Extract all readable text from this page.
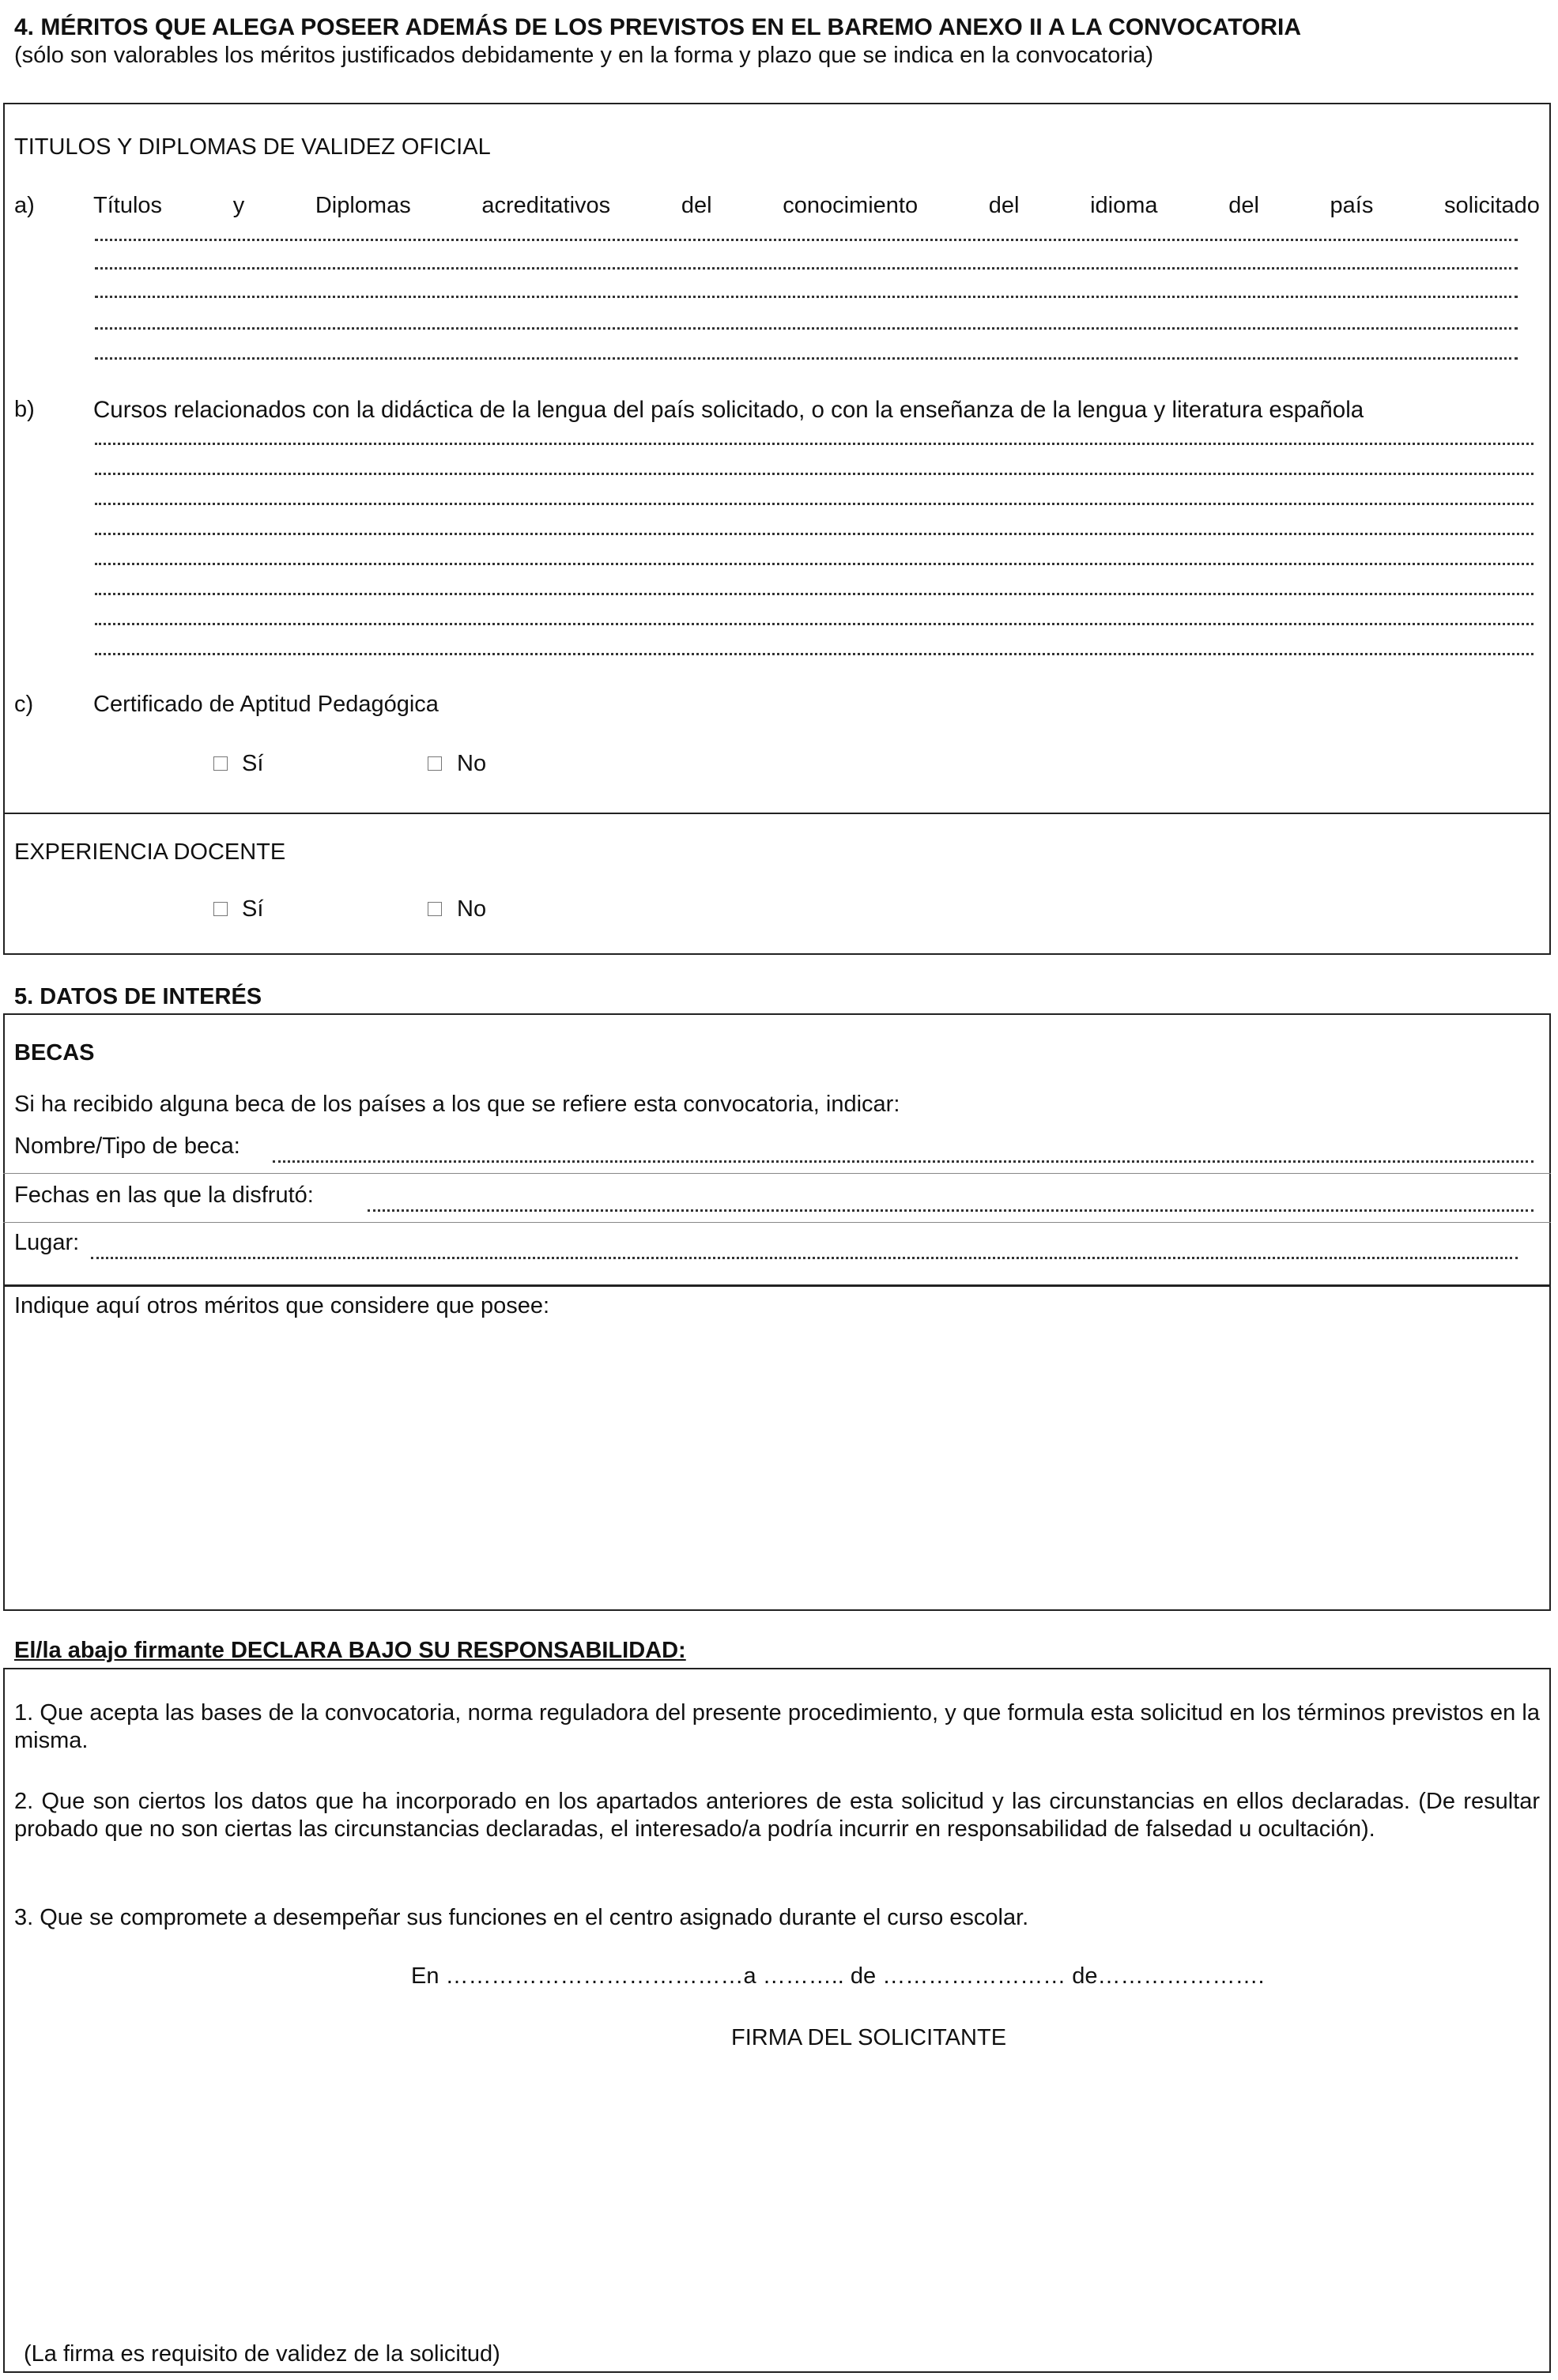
4. MÉRITOS QUE ALEGA POSEER ADEMÁS DE LOS PREVISTOS EN EL BAREMO ANEXO II A LA CONVOCATORIA
(sólo son valorables los méritos justificados debidamente y en la forma y plazo que se indica en la convocatoria)
TITULOS Y DIPLOMAS DE VALIDEZ OFICIAL
a)	Títulos	y	Diplomas	acreditativos	del	conocimiento	del	idioma	del	país	solicitado
b)	Cursos relacionados con la didáctica de la lengua del país solicitado, o con la enseñanza de la lengua y literatura española
c)	Certificado de Aptitud Pedagógica
Sí	No
EXPERIENCIA DOCENTE
Sí	No
5. DATOS DE INTERÉS
BECAS
Si ha recibido alguna beca de los países a los que se refiere esta convocatoria, indicar:
Nombre/Tipo de beca:
Fechas en las que la disfrutó:
Lugar:
Indique aquí otros méritos que considere que posee:
El/la abajo firmante DECLARA BAJO SU RESPONSABILIDAD:
1. Que acepta las bases de la convocatoria, norma reguladora del presente procedimiento, y que formula esta solicitud en los términos previstos en la misma.
2. Que son ciertos los datos que ha incorporado en los apartados anteriores de esta solicitud y las circunstancias en ellos declaradas. (De resultar probado que no son ciertas las circunstancias declaradas, el interesado/a podría incurrir en responsabilidad de falsedad u ocultación).
3. Que se compromete a desempeñar sus funciones en el centro asignado durante el curso escolar.
En …………………………………a ……….. de …………………… de………………….
FIRMA DEL SOLICITANTE
(La firma es requisito de validez de la solicitud)
